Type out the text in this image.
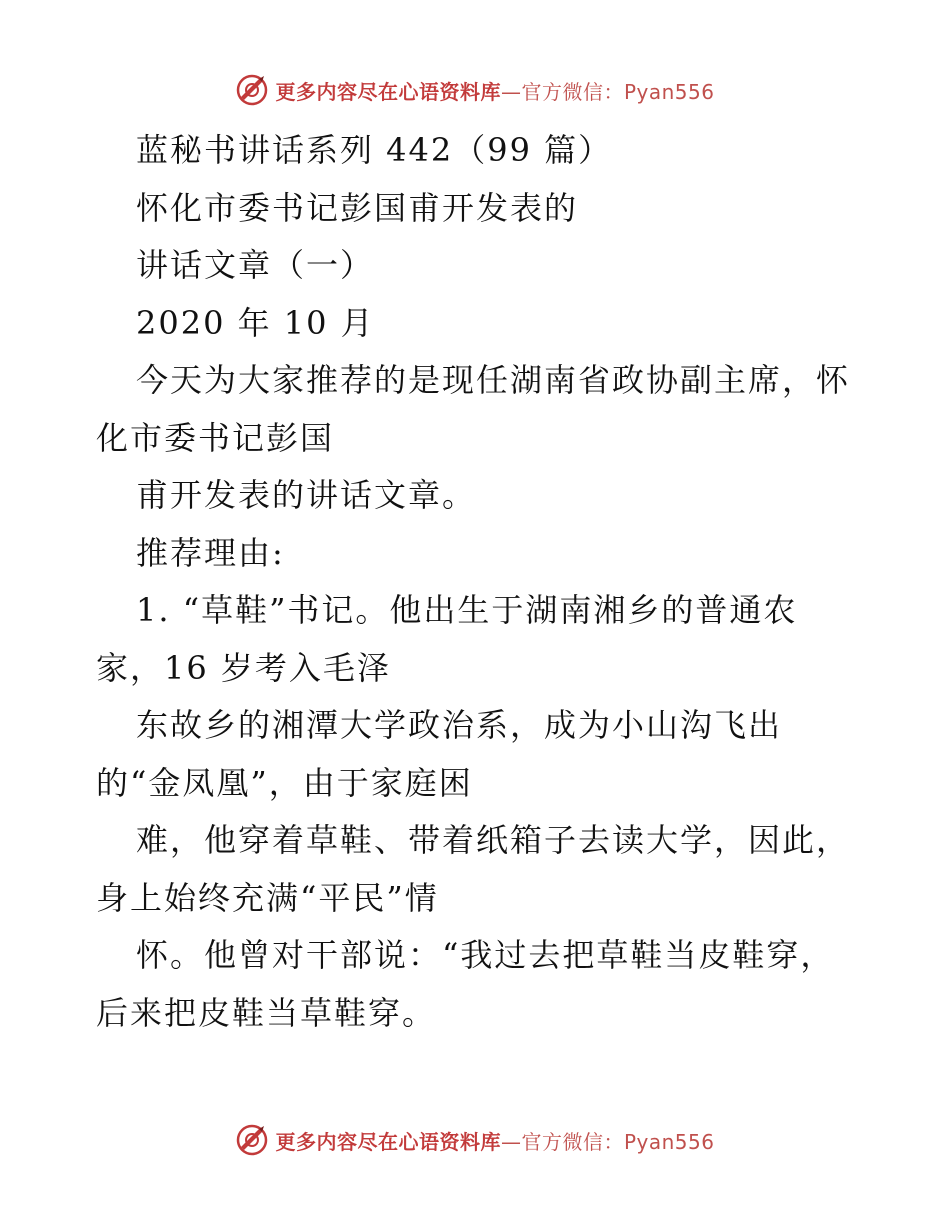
更多内容尽在心语资料库—官方微信：Pyan556
蓝秘书讲话系列 442（99 篇）
怀化市委书记彭国甫开发表的
讲话文章（一）
2020 年 10 月
今天为大家推荐的是现任湖南省政协副主席，怀
化市委书记彭国
甫开发表的讲话文章。
推荐理由:
1. “草鞋”书记。他出生于湖南湘乡的普通农
家，16 岁考入毛泽
东故乡的湘潭大学政治系，成为小山沟飞出
的“金凤凰”，由于家庭困
难，他穿着草鞋、带着纸箱子去读大学，因此，
身上始终充满“平民”情
怀。他曾对干部说：“我过去把草鞋当皮鞋穿，
后来把皮鞋当草鞋穿。
更多内容尽在心语资料库—官方微信：Pyan556
